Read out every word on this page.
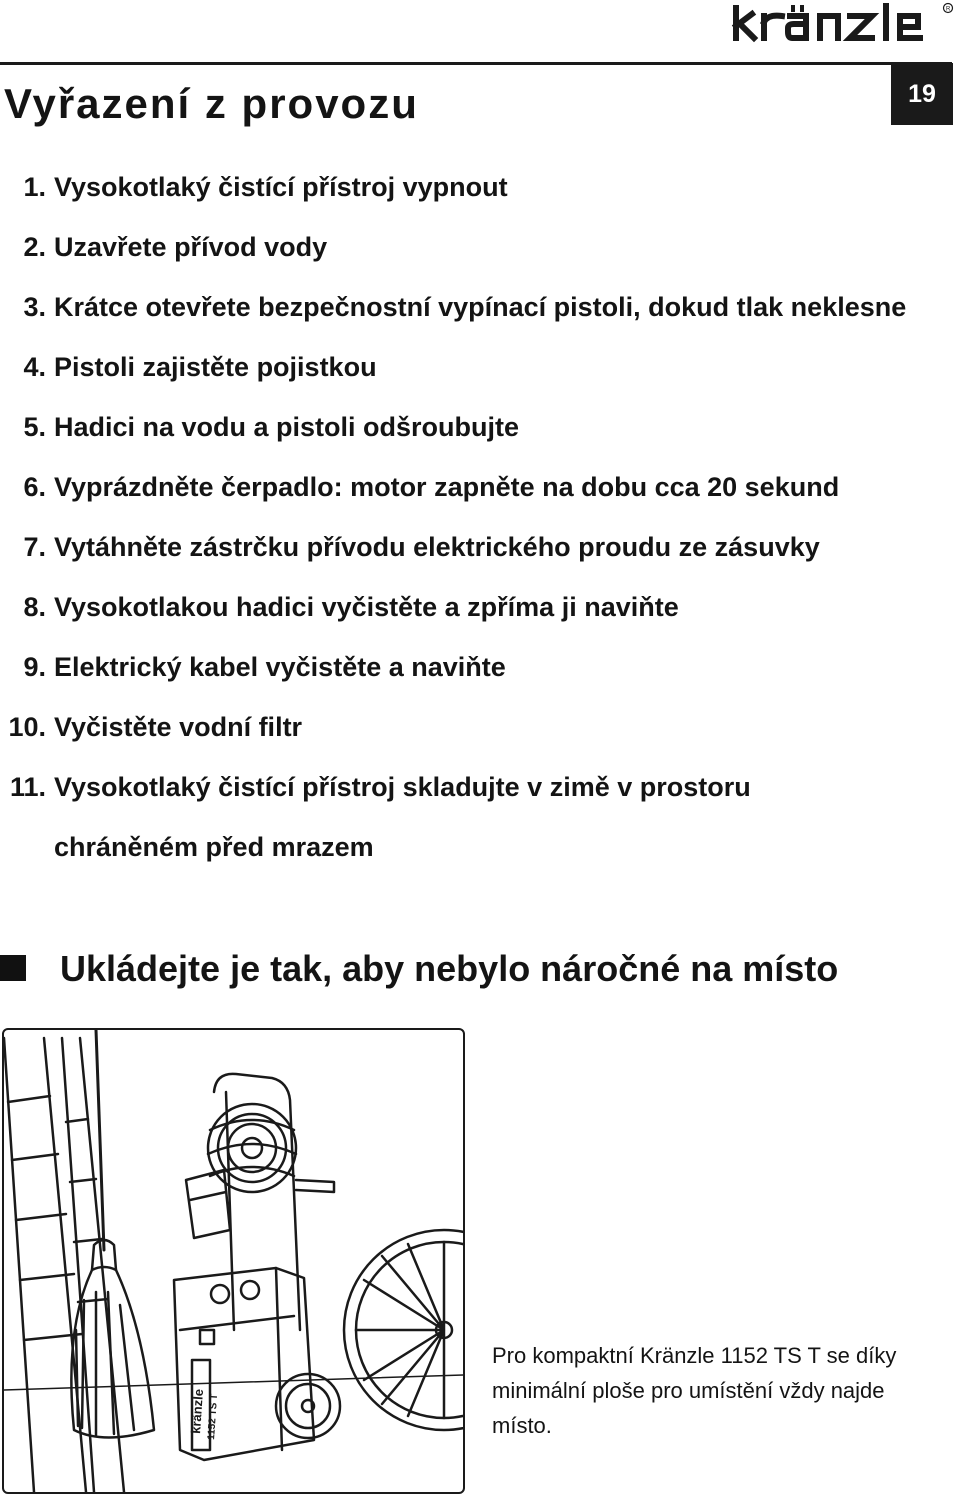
R
19
Vyřazení z provozu
1. Vysokotlaký čistící přístroj vypnout
2. Uzavřete přívod vody
3. Krátce otevřete bezpečnostní vypínací pistoli, dokud tlak neklesne
4. Pistoli zajistěte pojistkou
5. Hadici na vodu a pistoli odšroubujte
6. Vyprázdněte čerpadlo: motor zapněte na dobu cca 20 sekund
7. Vytáhněte zástrčku přívodu elektrického proudu ze zásuvky
8. Vysokotlakou hadici vyčistěte a zpříma ji naviňte
9. Elektrický kabel vyčistěte a naviňte
10. Vyčistěte vodní filtr
11. Vysokotlaký čistící přístroj skladujte v zimě v prostoru
chráněném před mrazem
Ukládejte je tak, aby nebylo náročné na místo
kränzle 1152 TS T
Pro kompaktní Kränzle 1152 TS T se díky minimální ploše pro umístění vždy najde místo.
